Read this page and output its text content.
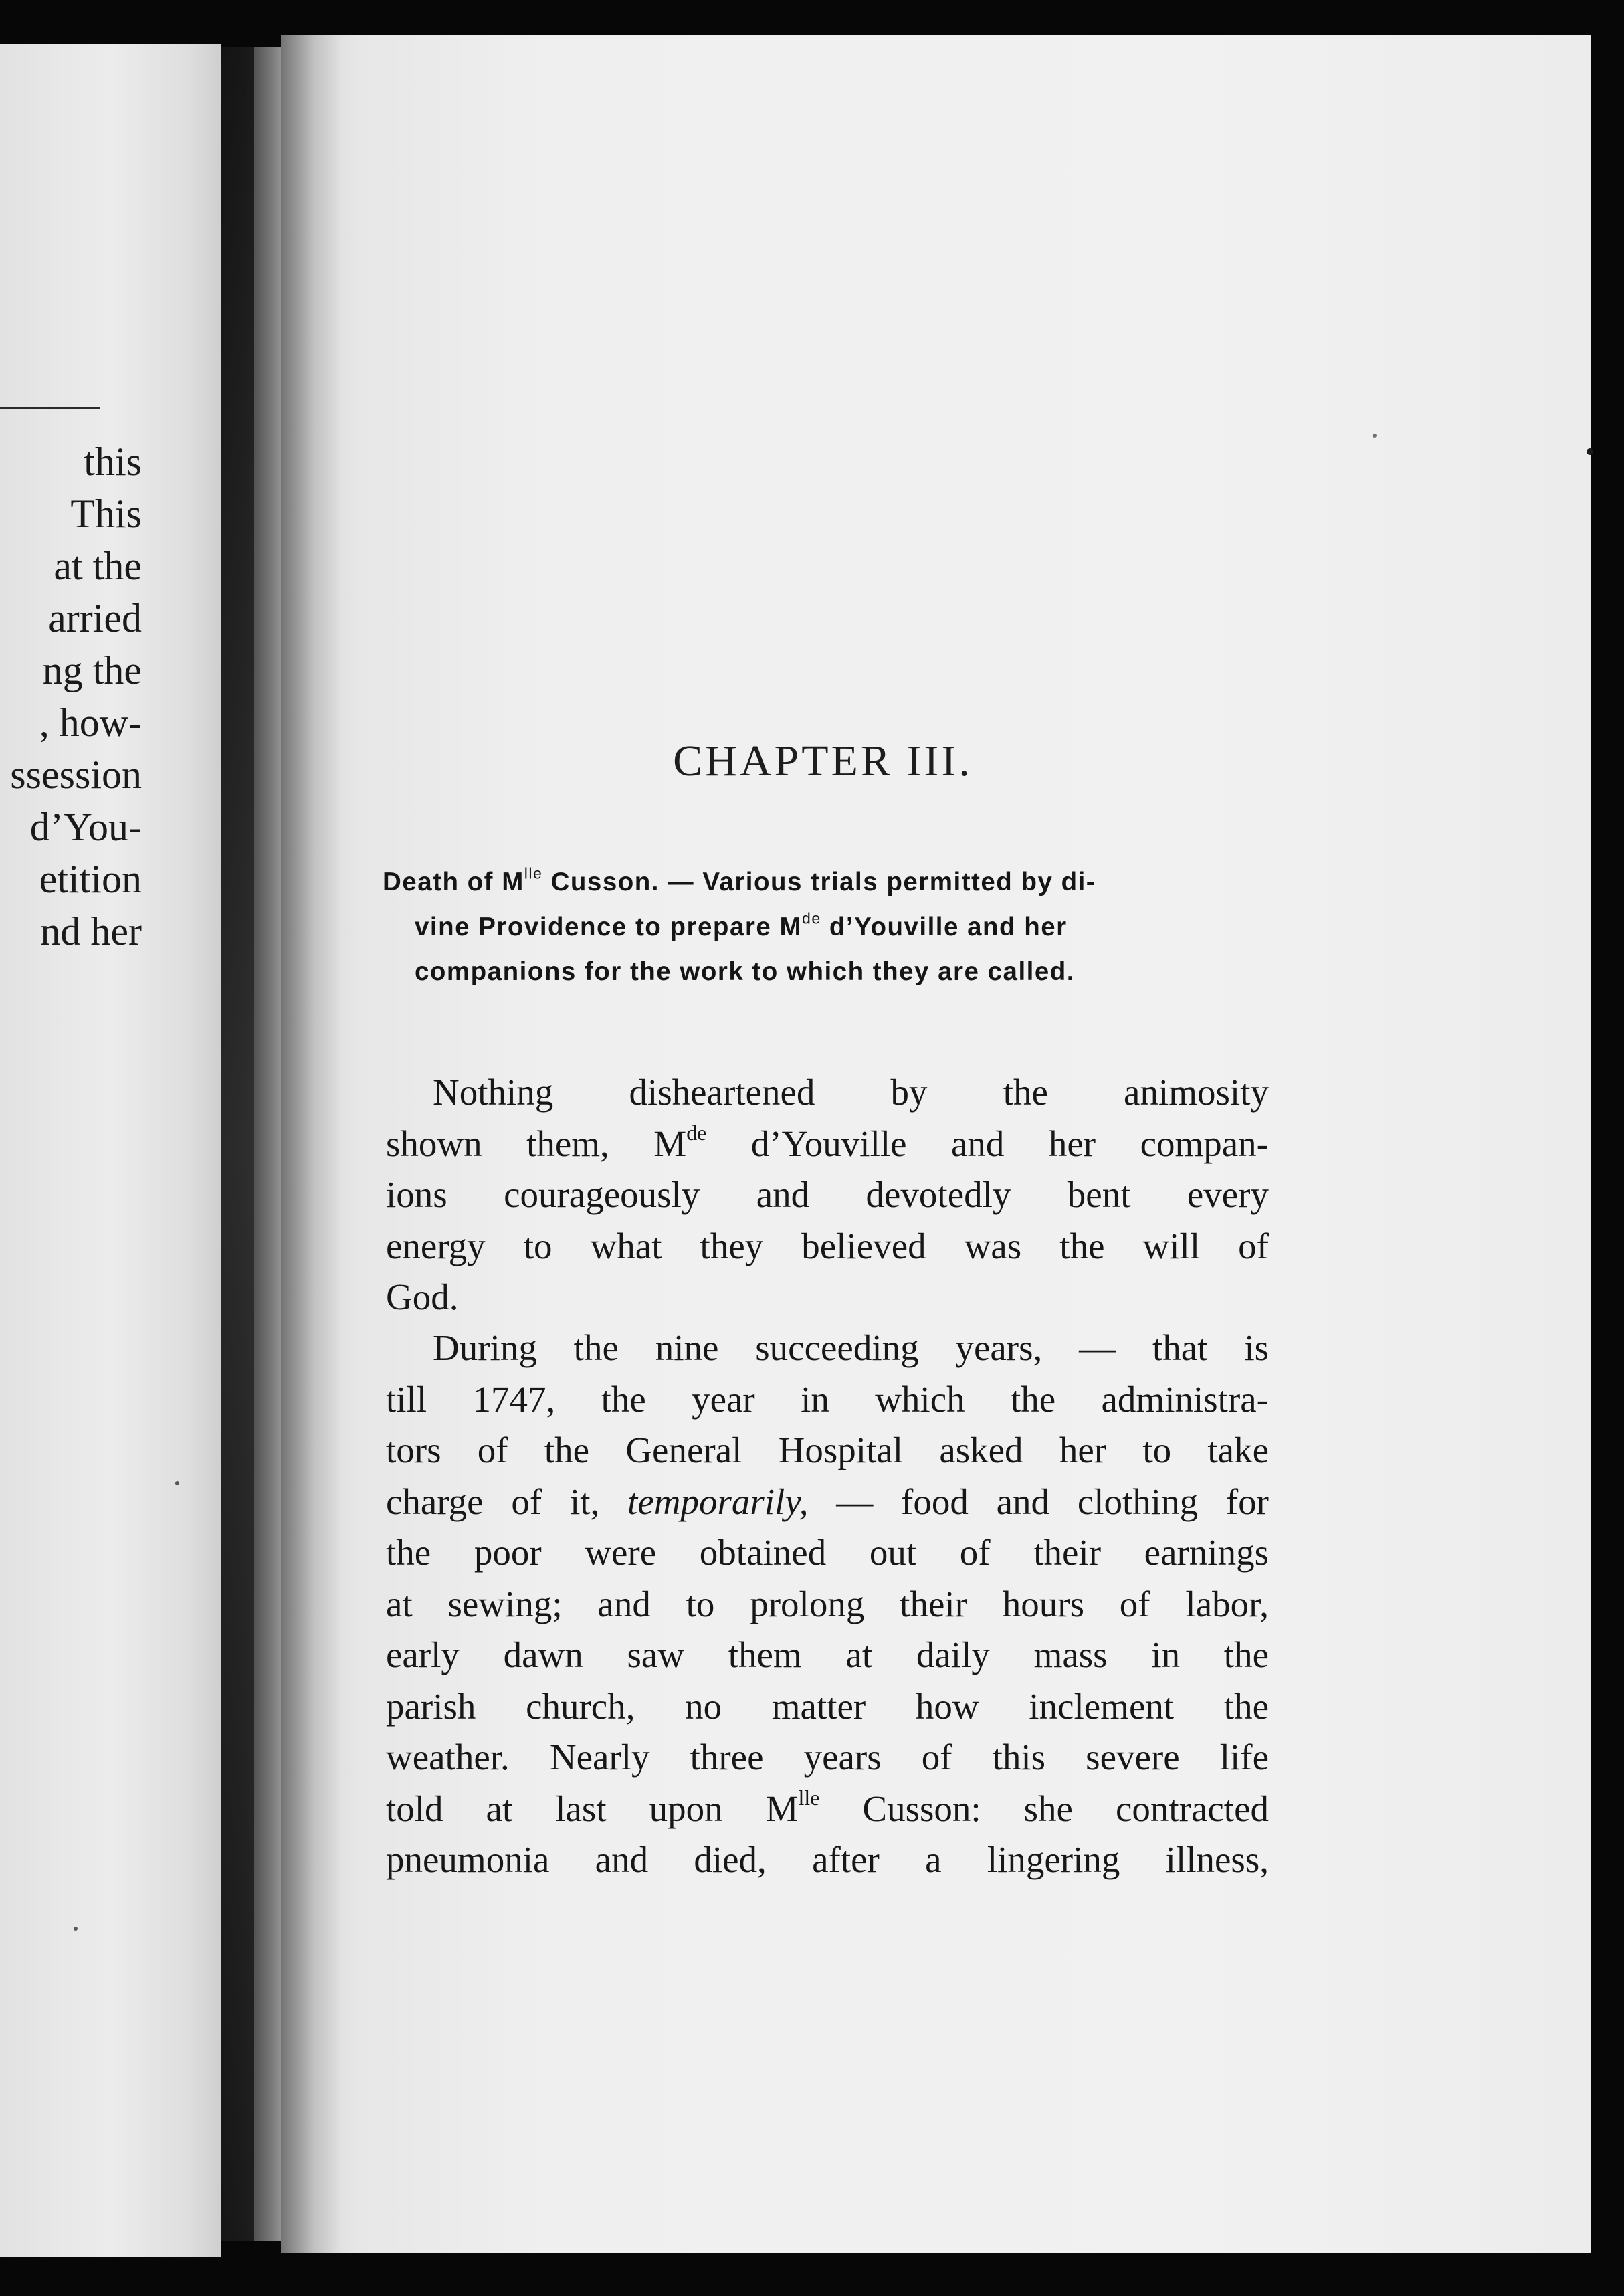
this
This
at the
arried
ng the
, how-
ssession
d’You-
etition
nd her
CHAPTER III.
Death of $M^{lle}$ Cusson. — Various trials permitted by di-
vine Providence to prepare Mde d’Youville and her
companions for the work to which they are called.
Nothing disheartened by the animosity
shown them, Mde d’Youville and her compan-
ions courageously and devotedly bent every
energy to what they believed was the will of
God.
During the nine succeeding years, — that is
till 1747, the year in which the administra-
tors of the General Hospital asked her to take
charge of it, temporarily, — food and clothing for
the poor were obtained out of their earnings
at sewing; and to prolong their hours of labor,
early dawn saw them at daily mass in the
parish church, no matter how inclement the
weather. Nearly three years of this severe life
told at last upon $M^{lle}$ Cusson: she contracted
pneumonia and died, after a lingering illness,
